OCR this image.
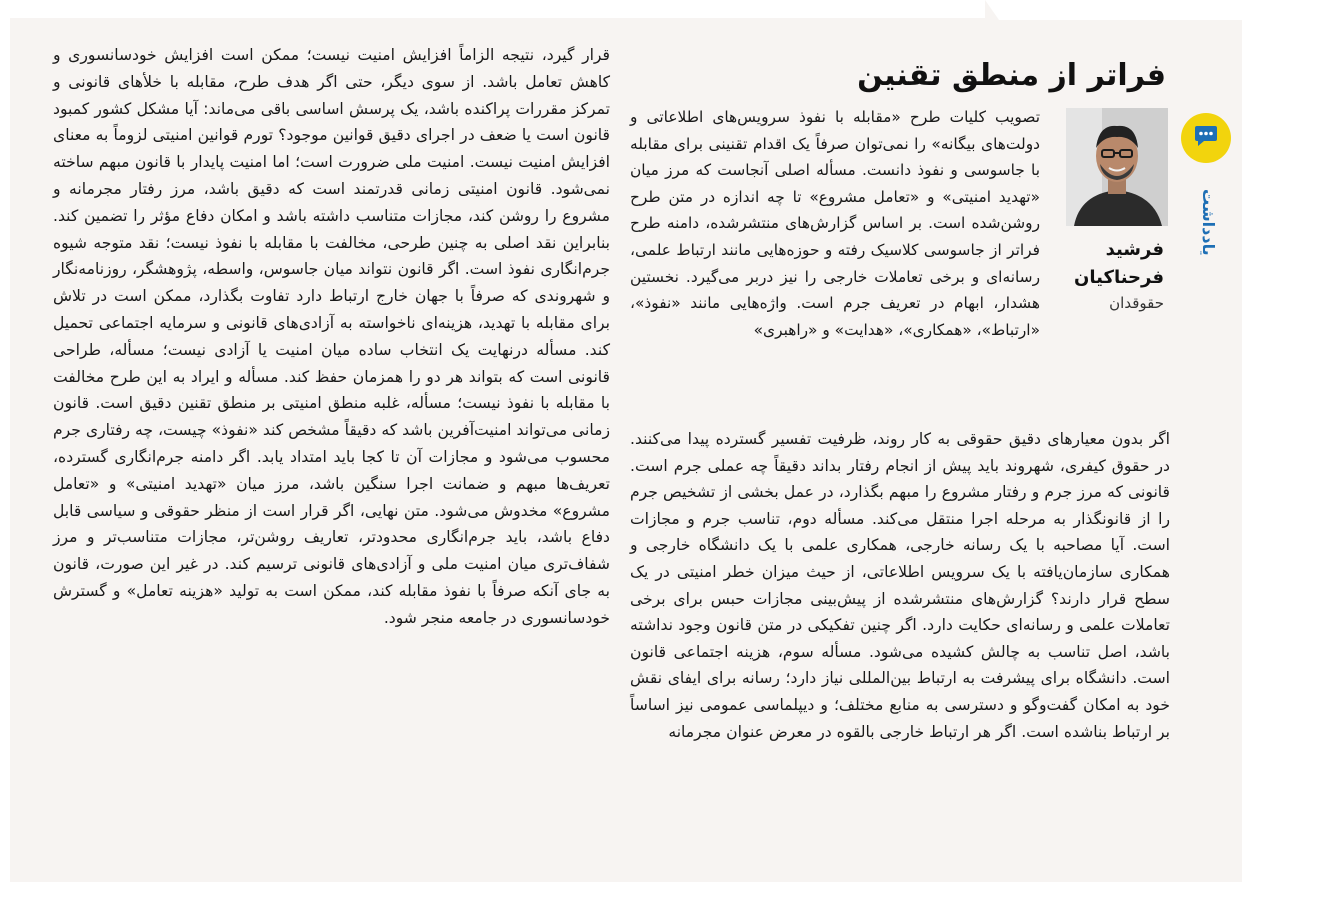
یادداشت
فراتر از منطق تقنین
فرشید فرحناکیان
حقوقدان

تصویب کلیات طرح «مقابله با نفوذ سرویس‌های اطلاعاتی و دولت‌های بیگانه» را نمی‌توان صرفاً یک اقدام تقنینی برای مقابله با جاسوسی و نفوذ دانست. مسأله اصلی آنجاست که مرز میان «تهدید امنیتی» و «تعامل مشروع» تا چه اندازه در متن طرح روشن‌شده است. بر اساس گزارش‌های منتشرشده، دامنه طرح فراتر از جاسوسی کلاسیک رفته و حوزه‌هایی مانند ارتباط علمی، رسانه‌ای و برخی تعاملات خارجی را نیز دربر می‌گیرد. نخستین هشدار، ابهام در تعریف جرم است. واژه‌هایی مانند «نفوذ»، «ارتباط»، «همکاری»، «هدایت» و «راهبری»

اگر بدون معیارهای دقیق حقوقی به کار روند، ظرفیت تفسیر گسترده پیدا می‌کنند. در حقوق کیفری، شهروند باید پیش از انجام رفتار بداند دقیقاً چه عملی جرم است. قانونی که مرز جرم و رفتار مشروع را مبهم بگذارد، در عمل بخشی از تشخیص جرم را از قانونگذار به مرحله اجرا منتقل می‌کند. مسأله دوم، تناسب جرم و مجازات است. آیا مصاحبه با یک رسانه خارجی، همکاری علمی با یک دانشگاه خارجی و همکاری سازمان‌یافته با یک سرویس اطلاعاتی، از حیث میزان خطر امنیتی در یک سطح قرار دارند؟ گزارش‌های منتشرشده از پیش‌بینی مجازات حبس برای برخی تعاملات علمی و رسانه‌ای حکایت دارد. اگر چنین تفکیکی در متن قانون وجود نداشته باشد، اصل تناسب به چالش کشیده می‌شود. مسأله سوم، هزینه اجتماعی قانون است. دانشگاه برای پیشرفت به ارتباط بین‌المللی نیاز دارد؛ رسانه برای ایفای نقش خود به امکان گفت‌وگو و دسترسی به منابع مختلف؛ و دیپلماسی عمومی نیز اساساً بر ارتباط بناشده است. اگر هر ارتباط خارجی بالقوه در معرض عنوان مجرمانه

قرار گیرد، نتیجه الزاماً افزایش امنیت نیست؛ ممکن است افزایش خودسانسوری و کاهش تعامل باشد. از سوی دیگر، حتی اگر هدف طرح، مقابله با خلأهای قانونی و تمرکز مقررات پراکنده باشد، یک پرسش اساسی باقی می‌ماند: آیا مشکل کشور کمبود قانون است یا ضعف در اجرای دقیق قوانین موجود؟ تورم قوانین امنیتی لزوماً به معنای افزایش امنیت نیست. امنیت ملی ضرورت است؛ اما امنیت پایدار با قانون مبهم ساخته نمی‌شود. قانون امنیتی زمانی قدرتمند است که دقیق باشد، مرز رفتار مجرمانه و مشروع را روشن کند، مجازات متناسب داشته باشد و امکان دفاع مؤثر را تضمین کند. بنابراین نقد اصلی به چنین طرحی، مخالفت با مقابله با نفوذ نیست؛ نقد متوجه شیوه جرم‌انگاری نفوذ است. اگر قانون نتواند میان جاسوس، واسطه، پژوهشگر، روزنامه‌نگار و شهروندی که صرفاً با جهان خارج ارتباط دارد تفاوت بگذارد، ممکن است در تلاش برای مقابله با تهدید، هزینه‌ای ناخواسته به آزادی‌های قانونی و سرمایه اجتماعی تحمیل کند. مسأله درنهایت یک انتخاب ساده میان امنیت یا آزادی نیست؛ مسأله، طراحی قانونی است که بتواند هر دو را همزمان حفظ کند. مسأله و ایراد به این طرح مخالفت با مقابله با نفوذ نیست؛ مسأله، غلبه منطق امنیتی بر منطق تقنین دقیق است. قانون زمانی می‌تواند امنیت‌آفرین باشد که دقیقاً مشخص کند «نفوذ» چیست، چه رفتاری جرم محسوب می‌شود و مجازات آن تا کجا باید امتداد یابد. اگر دامنه جرم‌انگاری گسترده، تعریف‌ها مبهم و ضمانت اجرا سنگین باشد، مرز میان «تهدید امنیتی» و «تعامل مشروع» مخدوش می‌شود. متن نهایی، اگر قرار است از منظر حقوقی و سیاسی قابل دفاع باشد، باید جرم‌انگاری محدودتر، تعاریف روشن‌تر، مجازات متناسب‌تر و مرز شفاف‌تری میان امنیت ملی و آزادی‌های قانونی ترسیم کند. در غیر این صورت، قانون به جای آنکه صرفاً با نفوذ مقابله کند، ممکن است به تولید «هزینه تعامل» و گسترش خودسانسوری در جامعه منجر شود.
